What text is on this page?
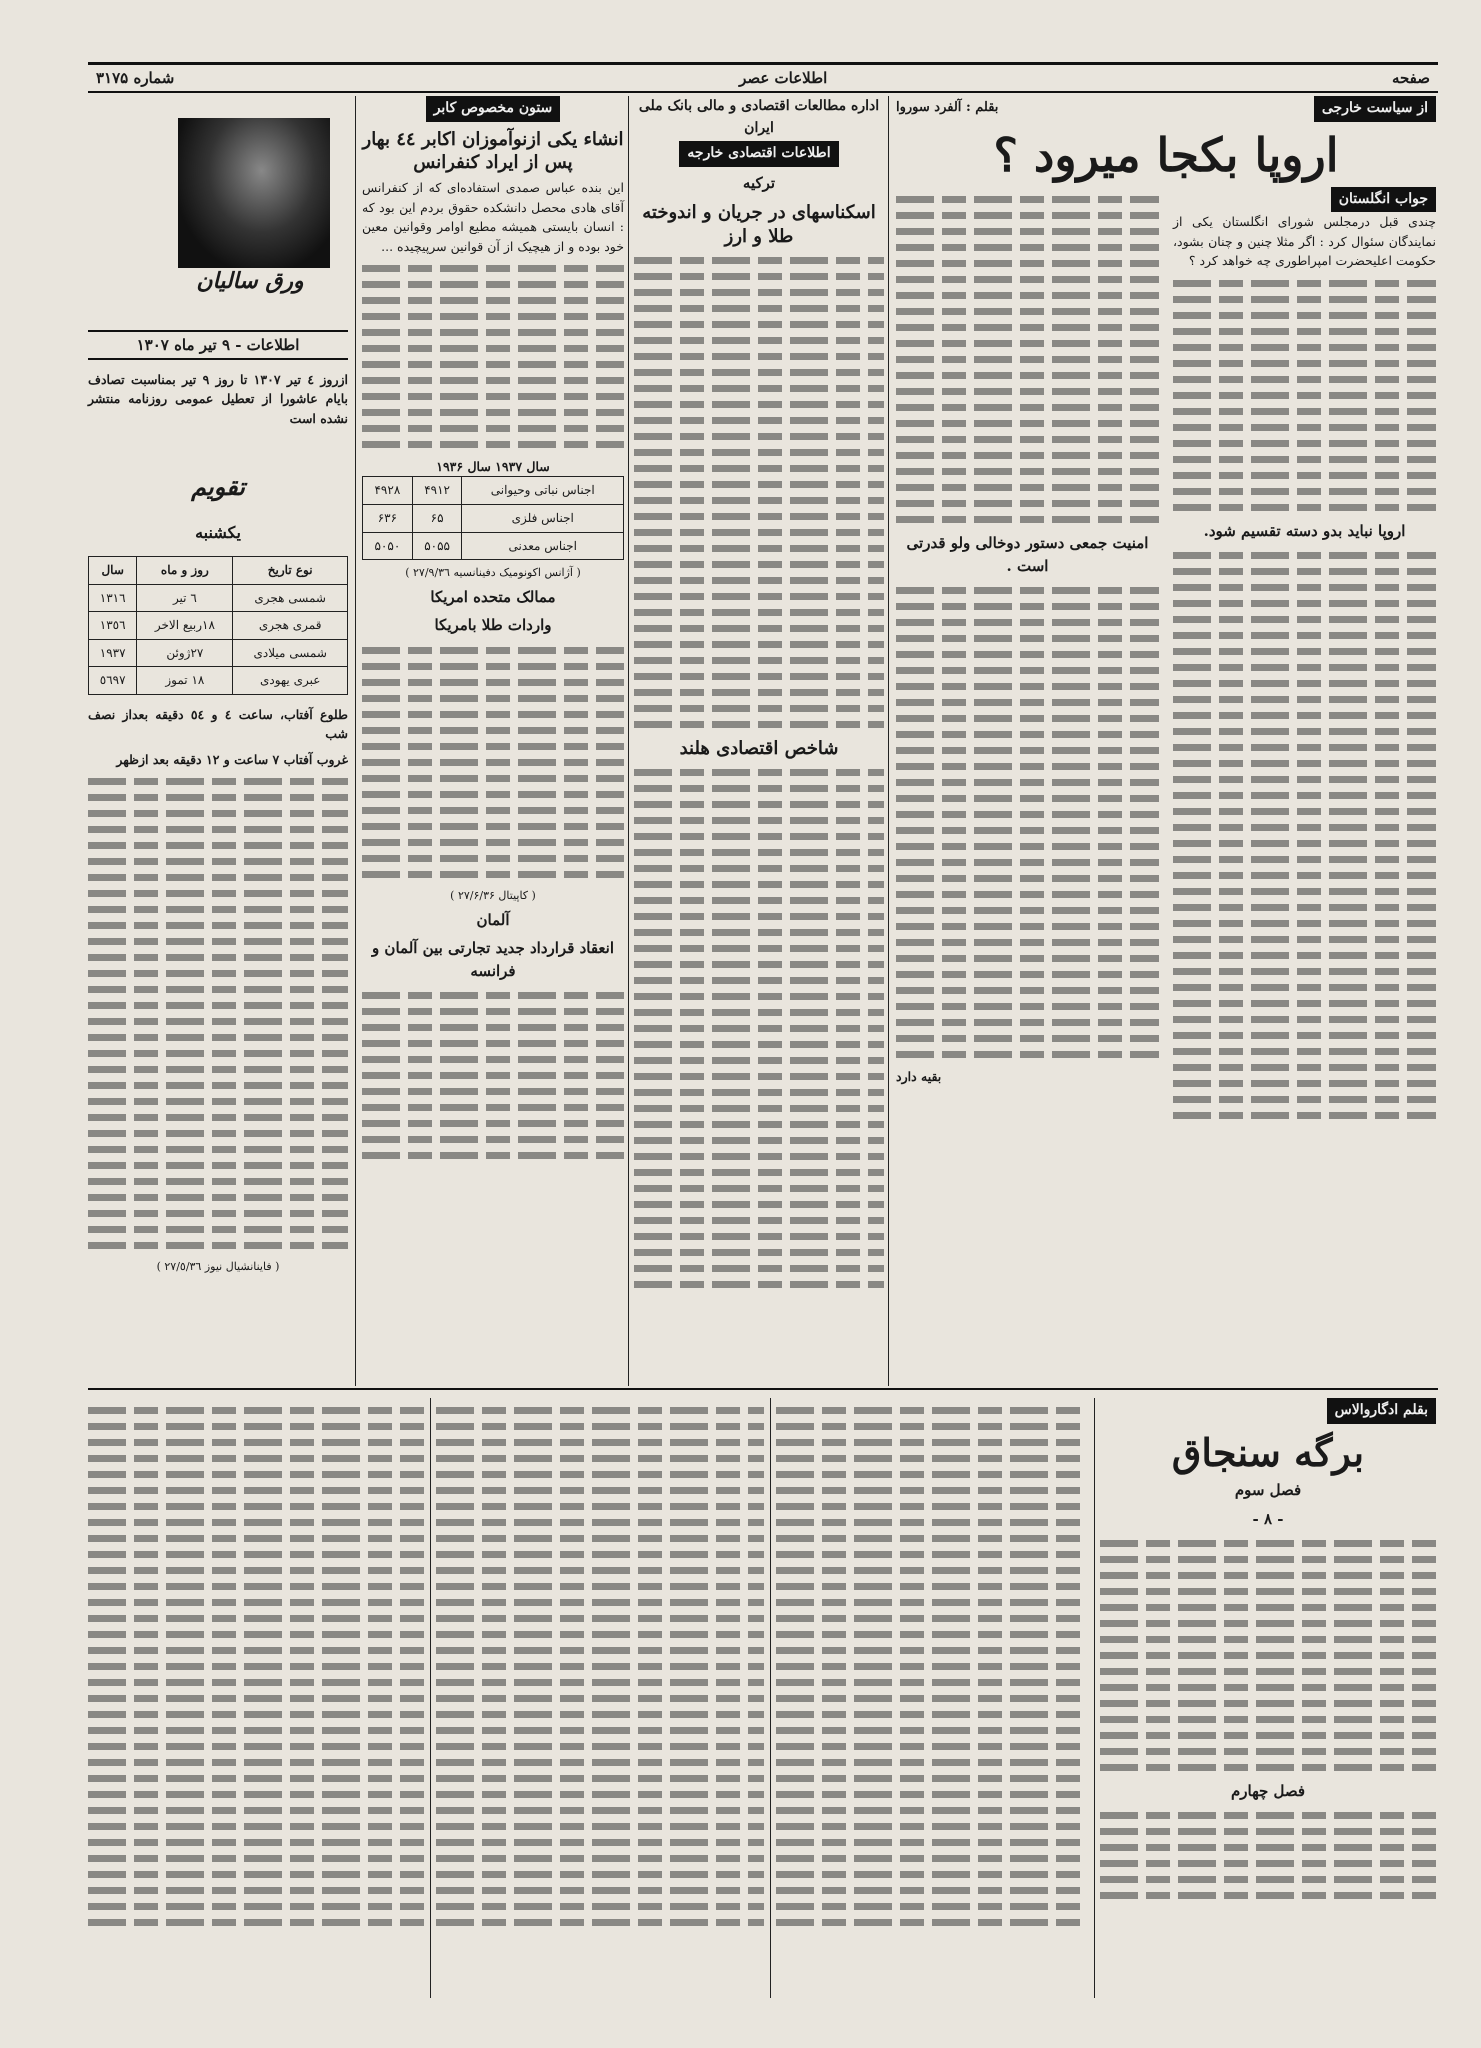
شماره ۳۱۷۵	اطلاعات عصر	صفحه
از سیاست خارجی
بقلم : آلفرد سوروا
اروپا بکجا میرود ؟
جواب انگلستان

چندی قبل درمجلس شورای انگلستان یکی از نمایندگان سئوال کرد : اگر مثلا چنین و چنان بشود، حکومت اعلیحضرت امپراطوری چه خواهد کرد ؟

اروپا نباید بدو دسته تقسیم شود.
امنیت جمعی دستور دوخالی ولو قدرتی است .
بقیه دارد
اداره مطالعات اقتصادی و مالی بانک ملی ایران
اطلاعات اقتصادی خارجه
ترکیه
اسکناسهای در جریان و اندوخته طلا و ارز
شاخص اقتصادی هلند
ستون مخصوص کابر
انشاء یکی ازنوآموزان اکابر ٤٤ بهار پس از ایراد کنفرانس

این بنده عباس صمدی استفاده‌ای که از کنفرانس آقای هادی محصل دانشکده حقوق بردم این بود که : انسان بایستی همیشه مطیع اوامر وقوانین معین خود بوده و از هیچیک از آن قوانین سرپیچیده ...

سال ۱۹۳۷ سال ۱۹۳۶
اجناس نباتی وحیوانی	۴۹۱۲	۴۹۲۸
اجناس فلزی	۶۵	۶۳۶
اجناس معدنی	۵۰۵۵	۵۰۵۰
( آژانس اکونومیک دفینانسیه ٢٧/٩/٣٦ )
ممالک متحده امریکا
واردات طلا بامریکا
( کاپیتال ۲۷/۶/۳۶ )
آلمان
انعقاد قرارداد جدید تجارتی بین آلمان و فرانسه
ورق سالیان
اطلاعات - ۹ تیر ماه ۱۳۰۷

ازروز ٤ تیر ١٣٠٧ تا روز ٩ تیر بمناسبت تصادف بایام عاشورا از تعطیل عمومی روزنامه منتشر نشده است

تقویم
یکشنبه
نوع تاریخ	روز و ماه	سال
شمسی هجری	٦ تیر	١٣١٦
قمری هجری	١٨ربیع الاخر	١٣٥٦
شمسی میلادی	٢٧ژوئن	١٩٣٧
عبری یهودی	١٨ تموز	٥٦٩٧

طلوع آفتاب، ساعت ٤ و ٥٤ دقیقه بعداز نصف شب

غروب آفتاب ٧ ساعت و ١٢ دقیقه بعد ازظهر

( فاینانشیال نیوز ٢٧/٥/٣٦ )
بقلم ادگاروالاس
برگه سنجاق
فصل سوم
- ٨ -
فصل چهارم
